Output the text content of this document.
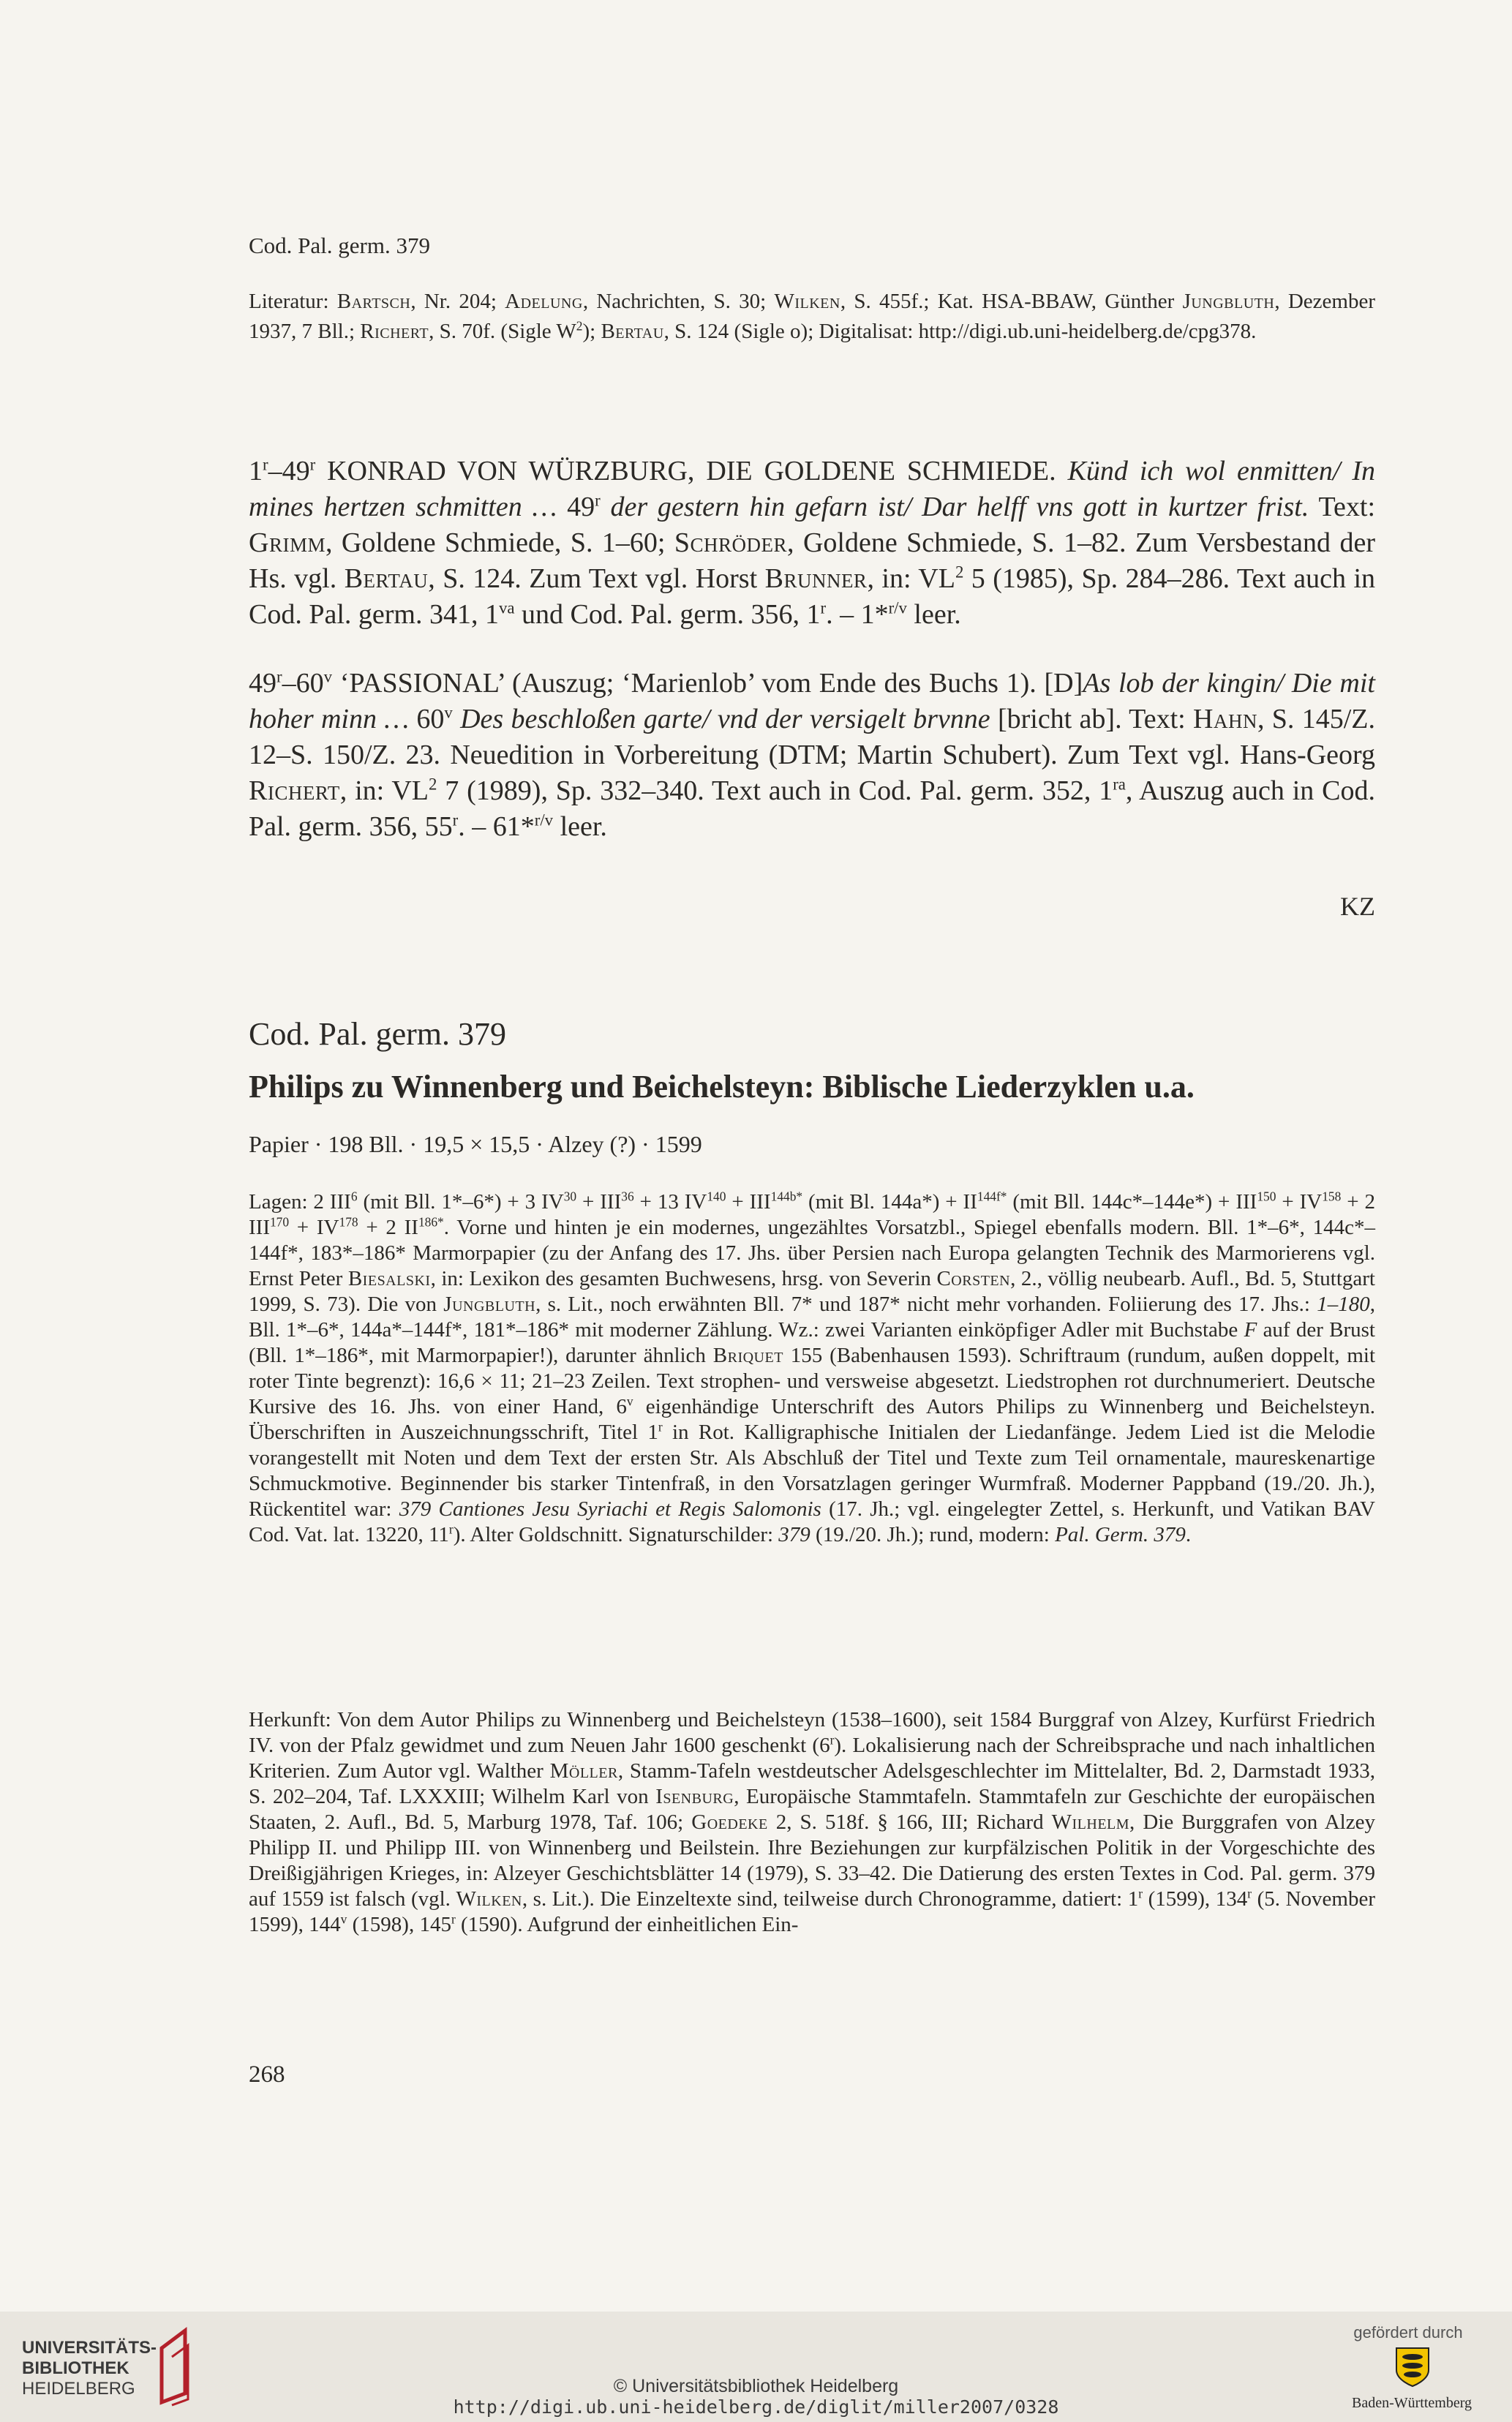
Cod. Pal. germ. 379
Literatur: Bartsch, Nr. 204; Adelung, Nachrichten, S. 30; Wilken, S. 455f.; Kat. HSA-BBAW, Günther Jungbluth, Dezember 1937, 7 Bll.; Richert, S. 70f. (Sigle $W^2$); Bertau, S. 124 (Sigle o); Digitalisat: http://digi.ub.uni-heidelberg.de/cpg378.
1$^r$–49$^r$ KONRAD VON WÜRZBURG, DIE GOLDENE SCHMIEDE. Künd ich wol enmitten/ In mines hertzen schmitten … 49$^r$ der gestern hin gefarn ist/ Dar helff vns gott in kurtzer frist. Text: Grimm, Goldene Schmiede, S. 1–60; Schröder, Goldene Schmiede, S. 1–82. Zum Versbestand der Hs. vgl. Bertau, S. 124. Zum Text vgl. Horst Brunner, in: $VL^2$ 5 (1985), Sp. 284–286. Text auch in Cod. Pal. germ. 341, $1^{va}$ und Cod. Pal. germ. 356, 1$^r$. – 1*$^{r/v}$ leer.
49$^r$–60$^v$ ‘PASSIONAL’ (Auszug; ‘Marienlob’ vom Ende des Buchs 1). [D]As lob der kingin/ Die mit hoher minn … 60$^v$ Des beschloßen garte/ vnd der versigelt brvnne [bricht ab]. Text: Hahn, S. 145/Z. 12–S. 150/Z. 23. Neuedition in Vorbereitung (DTM; Martin Schubert). Zum Text vgl. Hans-Georg Richert, in: $VL^2$ 7 (1989), Sp. 332–340. Text auch in Cod. Pal. germ. 352, $1^{ra}$, Auszug auch in Cod. Pal. germ. 356, 55$^r$. – 61*$^{r/v}$ leer.
KZ
Cod. Pal. germ. 379
Philips zu Winnenberg und Beichelsteyn: Biblische Liederzyklen u.a.
Papier · 198 Bll. · 19,5 × 15,5 · Alzey (?) · 1599
Lagen: 2 III$^6$ (mit Bll. 1*–6*) + 3 $IV^{30} + III^{36} + 13$ $IV^{140} + III^{144b*}$ (mit Bl. $144a*) + II^{144f*}$ (mit Bll. $144c*-144e*) + III^{150} + IV^{158} + 2$ $III^{170} + IV^{178} + 2$ $II^{186*}$. Vorne und hinten je ein modernes, ungezähltes Vorsatzbl., Spiegel ebenfalls modern. Bll. 1*–6*, 144c*–144f*, 183*–186* Marmorpapier (zu der Anfang des 17. Jhs. über Persien nach Europa gelangten Technik des Marmorierens vgl. Ernst Peter Biesalski, in: Lexikon des gesamten Buchwesens, hrsg. von Severin Corsten, 2., völlig neubearb. Aufl., Bd. 5, Stuttgart 1999, S. 73). Die von Jungbluth, s. Lit., noch erwähnten Bll. 7* und 187* nicht mehr vorhanden. Foliierung des 17. Jhs.: 1–180, Bll. 1*–6*, 144a*–144f*, 181*–186* mit moderner Zählung. Wz.: zwei Varianten einköpfiger Adler mit Buchstabe F auf der Brust (Bll. 1*–186*, mit Marmorpapier!), darunter ähnlich Briquet 155 (Babenhausen 1593). Schriftraum (rundum, außen doppelt, mit roter Tinte begrenzt): 16,6 × 11; 21–23 Zeilen. Text strophen- und versweise abgesetzt. Liedstrophen rot durchnumeriert. Deutsche Kursive des 16. Jhs. von einer Hand, 6$^v$ eigenhändige Unterschrift des Autors Philips zu Winnenberg und Beichelsteyn. Überschriften in Auszeichnungsschrift, Titel 1$^r$ in Rot. Kalligraphische Initialen der Liedanfänge. Jedem Lied ist die Melodie vorangestellt mit Noten und dem Text der ersten Str. Als Abschluß der Titel und Texte zum Teil ornamentale, maureskenartige Schmuckmotive. Beginnender bis starker Tintenfraß, in den Vorsatzlagen geringer Wurmfraß. Moderner Pappband (19./20. Jh.), Rückentitel war: 379 Cantiones Jesu Syriachi et Regis Salomonis (17. Jh.; vgl. eingelegter Zettel, s. Herkunft, und Vatikan BAV Cod. Vat. lat. 13220, 11$^r$). Alter Goldschnitt. Signaturschilder: 379 (19./20. Jh.); rund, modern: Pal. Germ. 379.
Herkunft: Von dem Autor Philips zu Winnenberg und Beichelsteyn (1538–1600), seit 1584 Burggraf von Alzey, Kurfürst Friedrich IV. von der Pfalz gewidmet und zum Neuen Jahr 1600 geschenkt (6$^r$). Lokalisierung nach der Schreibsprache und nach inhaltlichen Kriterien. Zum Autor vgl. Walther Möller, Stamm-Tafeln westdeutscher Adelsgeschlechter im Mittelalter, Bd. 2, Darmstadt 1933, S. 202–204, Taf. LXXXIII; Wilhelm Karl von Isenburg, Europäische Stammtafeln. Stammtafeln zur Geschichte der europäischen Staaten, 2. Aufl., Bd. 5, Marburg 1978, Taf. 106; Goedeke 2, S. 518f. § 166, III; Richard Wilhelm, Die Burggrafen von Alzey Philipp II. und Philipp III. von Winnenberg und Beilstein. Ihre Beziehungen zur kurpfälzischen Politik in der Vorgeschichte des Dreißigjährigen Krieges, in: Alzeyer Geschichtsblätter 14 (1979), S. 33–42. Die Datierung des ersten Textes in Cod. Pal. germ. 379 auf 1559 ist falsch (vgl. Wilken, s. Lit.). Die Einzeltexte sind, teilweise durch Chronogramme, datiert: 1$^r$ (1599), 134$^r$ (5. November 1599), 144$^v$ (1598), 145$^r$ (1590). Aufgrund der einheitlichen Ein-
268
UNIVERSITÄTS-
BIBLIOTHEK
HEIDELBERG	© Universitätsbibliothek Heidelberg
http://digi.ub.uni-heidelberg.de/diglit/miller2007/0328
gefördert durch
Baden-Württemberg
